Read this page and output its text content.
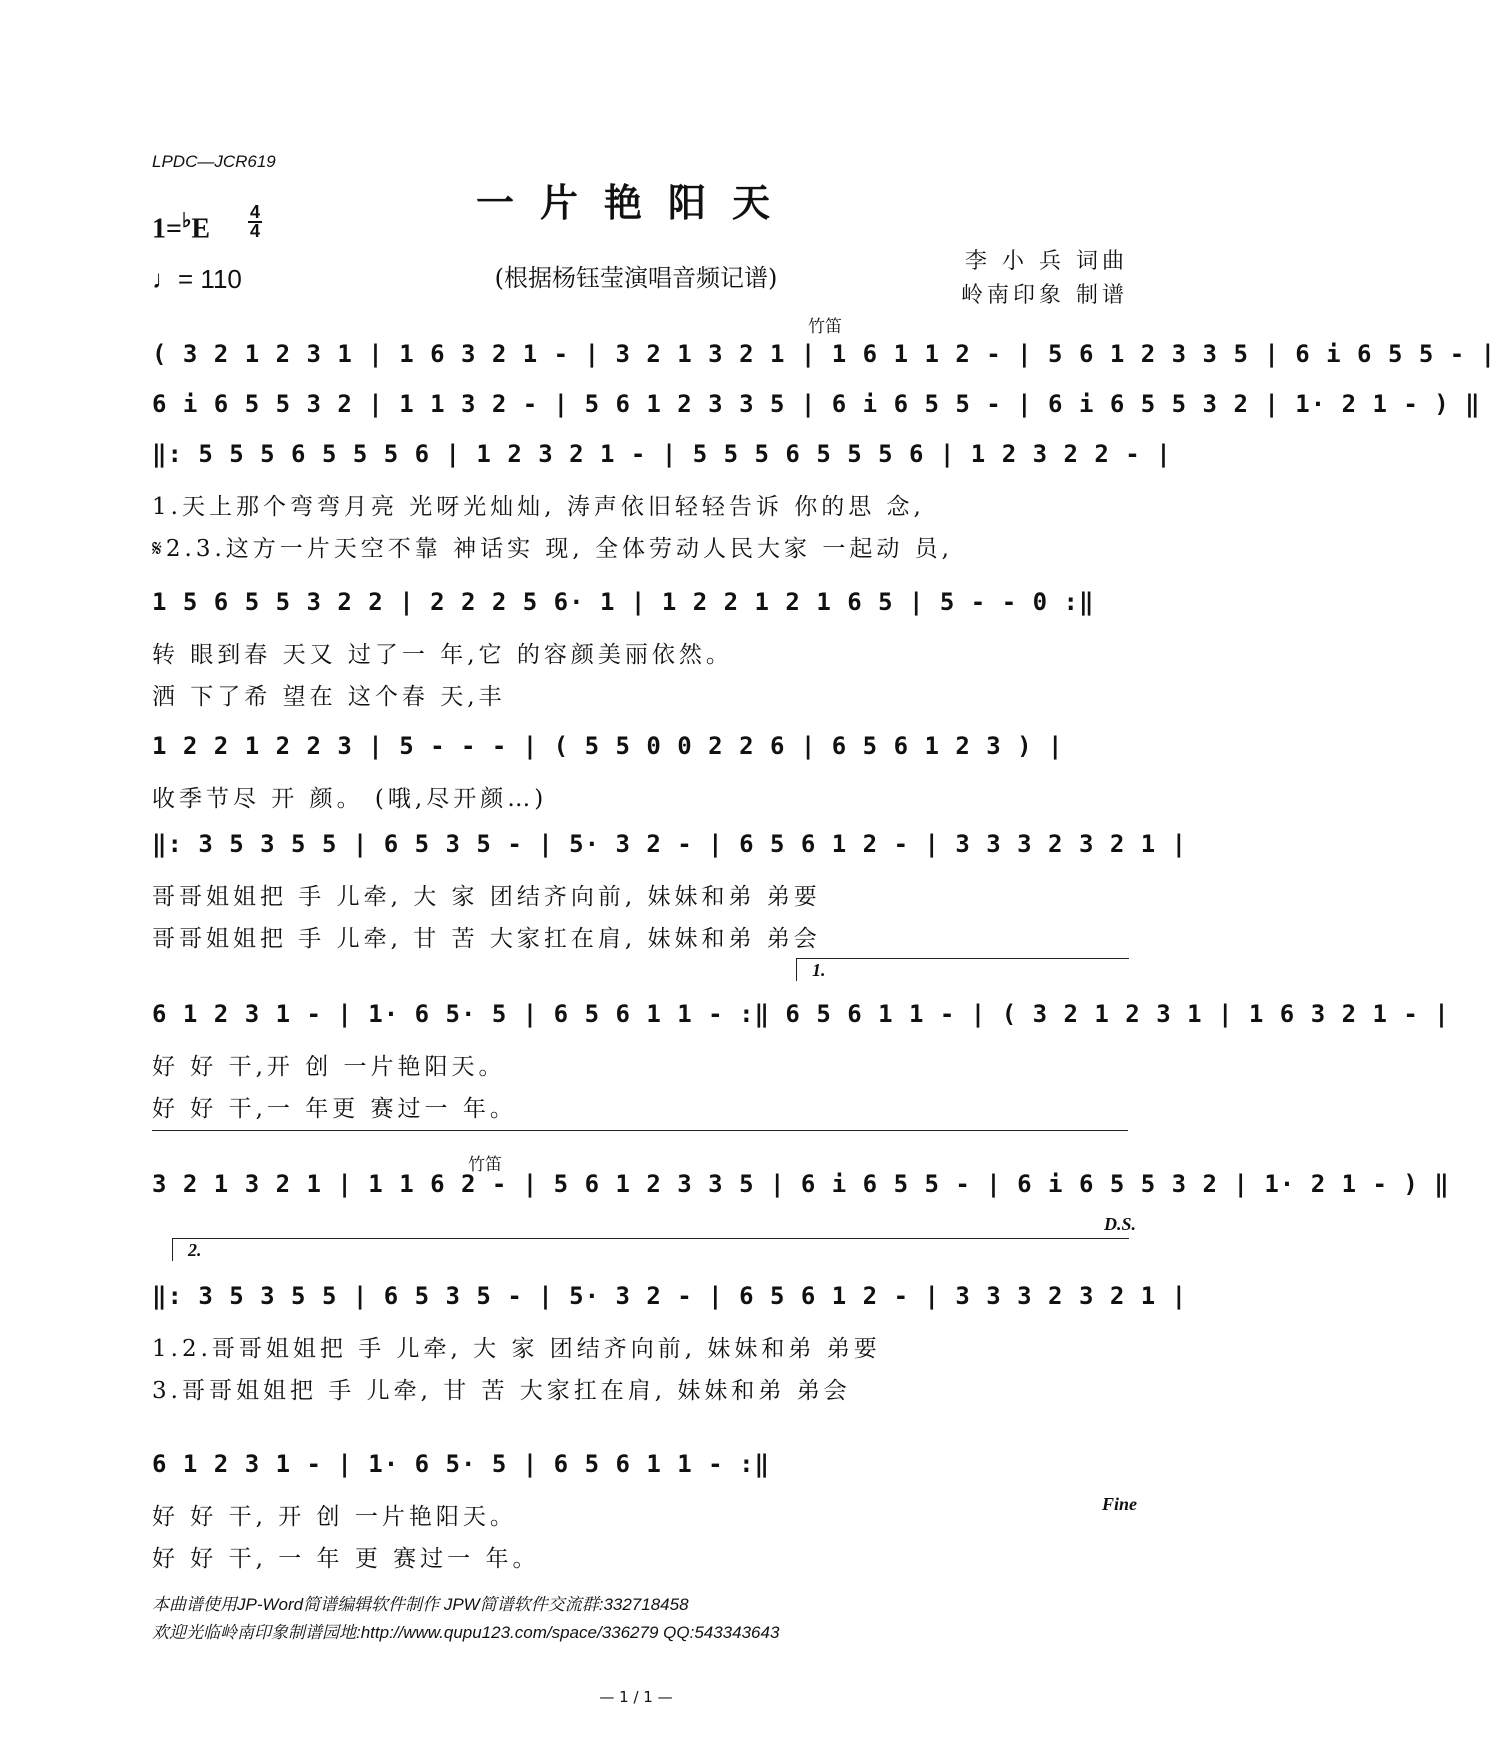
LPDC—JCR619
一片艳阳天
1=♭E
4
4
♩= 110	(根据杨钰莹演唱音频记谱)
李 小 兵 词曲
岭南印象 制谱
竹笛
竹笛
( 3 2 1 2 3 1 | 1 6 3 2 1 - | 3 2 1 3 2 1 | 1 6 1 1 2 - | 5 6 1 2 3 3 5 | 6 i 6 5 5 - |
6 i 6 5 5 3 2 | 1 1 3 2 - | 5 6 1 2 3 3 5 | 6 i 6 5 5 - | 6 i 6 5 5 3 2 | 1· 2 1 - ) ‖
‖: 5 5 5 6 5 5 5 6 | 1 2 3 2 1 - | 5 5 5 6 5 5 5 6 | 1 2 3 2 2 - |
1.天上那个弯弯月亮 光呀光灿灿, 涛声依旧轻轻告诉 你的思 念,
𝄋2.3.这方一片天空不靠 神话实 现, 全体劳动人民大家 一起动 员,
1 5 6 5 5 3 2 2 | 2 2 2 5 6· 1 | 1 2 2 1 2 1 6 5 | 5 - - 0 :‖
转 眼到春 天又 过了一 年,它 的容颜美丽依然。
洒 下了希 望在 这个春 天,丰
1 2 2 1 2 2 3 | 5 - - - | ( 5 5 0 0 2 2 6 | 6 5 6 1 2 3 ) |
收季节尽 开 颜。 (哦,尽开颜…)
‖: 3 5 3 5 5 | 6 5 3 5 - | 5· 3 2 - | 6 5 6 1 2 - | 3 3 3 2 3 2 1 |
哥哥姐姐把 手 儿牵, 大 家 团结齐向前, 妹妹和弟 弟要
哥哥姐姐把 手 儿牵, 甘 苦 大家扛在肩, 妹妹和弟 弟会
1.
6 1 2 3 1 - | 1· 6 5· 5 | 6 5 6 1 1 - :‖ 6 5 6 1 1 - | ( 3 2 1 2 3 1 | 1 6 3 2 1 - |
好 好 干,开 创 一片艳阳天。
好 好 干,一 年更 赛过一 年。
3 2 1 3 2 1 | 1 1 6 2 - | 5 6 1 2 3 3 5 | 6 i 6 5 5 - | 6 i 6 5 5 3 2 | 1· 2 1 - ) ‖
D.S.
2.
‖: 3 5 3 5 5 | 6 5 3 5 - | 5· 3 2 - | 6 5 6 1 2 - | 3 3 3 2 3 2 1 |
1.2.哥哥姐姐把 手 儿牵, 大 家 团结齐向前, 妹妹和弟 弟要
3.哥哥姐姐把 手 儿牵, 甘 苦 大家扛在肩, 妹妹和弟 弟会
6 1 2 3 1 - | 1· 6 5· 5 | 6 5 6 1 1 - :‖
Fine
好 好 干, 开 创 一片艳阳天。
好 好 干, 一 年 更 赛过一 年。
本曲谱使用JP-Word简谱编辑软件制作 JPW简谱软件交流群:332718458
欢迎光临岭南印象制谱园地:http://www.qupu123.com/space/336279 QQ:543343643
— 1 / 1 —
